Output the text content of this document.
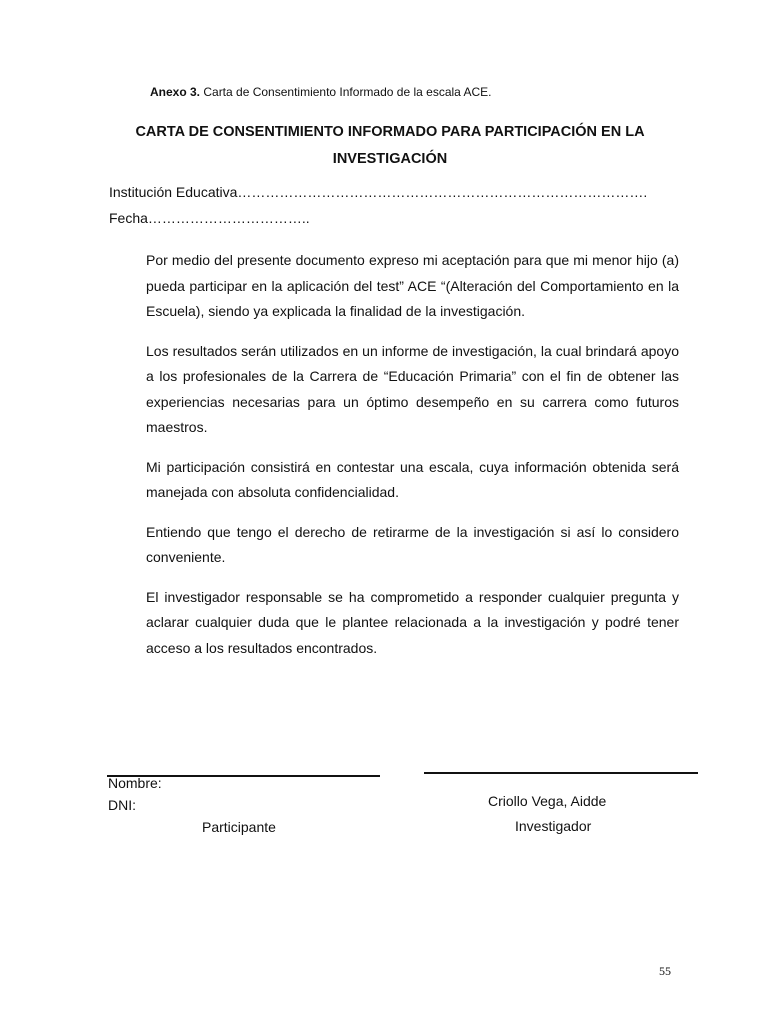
Anexo 3. Carta de Consentimiento Informado de la escala ACE.
CARTA DE CONSENTIMIENTO INFORMADO PARA PARTICIPACIÓN EN LA INVESTIGACIÓN
Institución Educativa…………………………………………………………………………….
Fecha……………………………..

Por medio del presente documento expreso mi aceptación para que mi menor hijo (a) pueda participar en la aplicación del test” ACE “(Alteración del Comportamiento en la Escuela), siendo ya explicada la finalidad de la investigación.

Los resultados serán utilizados en un informe de investigación, la cual brindará apoyo a los profesionales de la Carrera de “Educación Primaria” con el fin de obtener las experiencias necesarias para un óptimo desempeño en su carrera como futuros maestros.

Mi participación consistirá en contestar una escala, cuya información obtenida será manejada con absoluta confidencialidad.

Entiendo que tengo el derecho de retirarme de la investigación si así lo considero conveniente.

El investigador responsable se ha comprometido a responder cualquier pregunta y aclarar cualquier duda que le plantee relacionada a la investigación y podré tener acceso a los resultados encontrados.

Nombre:
DNI:
Participante
Criollo Vega, Aidde
Investigador
55
